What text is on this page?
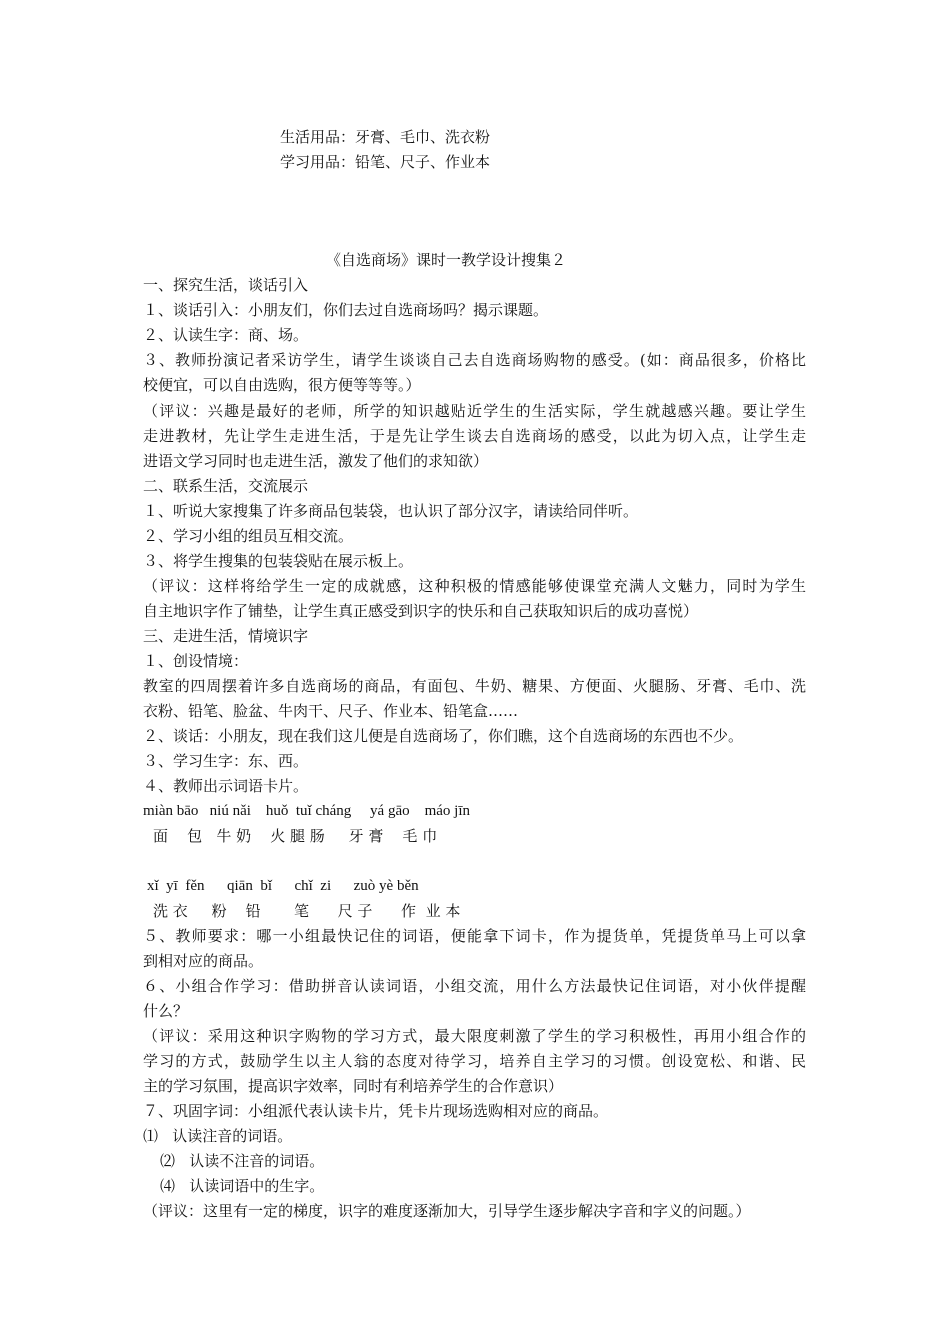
生活用品：牙膏、毛巾、洗衣粉
学习用品：铅笔、尺子、作业本
《自选商场》课时一教学设计搜集２
一、探究生活，谈话引入
１、谈话引入：小朋友们，你们去过自选商场吗？揭示课题。
２、认读生字：商、场。
３、教师扮演记者采访学生，请学生谈谈自己去自选商场购物的感受。(如：商品很多，价格比
校便宜，可以自由选购，很方便等等等。）
（评议：兴趣是最好的老师，所学的知识越贴近学生的生活实际，学生就越感兴趣。要让学生
走进教材，先让学生走进生活，于是先让学生谈去自选商场的感受，以此为切入点，让学生走
进语文学习同时也走进生活，激发了他们的求知欲）
二、联系生活，交流展示
１、听说大家搜集了许多商品包装袋，也认识了部分汉字，请读给同伴听。
２、学习小组的组员互相交流。
３、将学生搜集的包装袋贴在展示板上。
（评议：这样将给学生一定的成就感，这种积极的情感能够使课堂充满人文魅力，同时为学生
自主地识字作了铺垫，让学生真正感受到识字的快乐和自己获取知识后的成功喜悦）
三、走进生活，情境识字
１、创设情境：
教室的四周摆着许多自选商场的商品，有面包、牛奶、糖果、方便面、火腿肠、牙膏、毛巾、洗
衣粉、铅笔、脸盆、牛肉干、尺子、作业本、铅笔盒……
２、谈话：小朋友，现在我们这儿便是自选商场了，你们瞧，这个自选商场的东西也不少。
３、学习生字：东、西。
４、教师出示词语卡片。
miàn bāo   niú nǎi    huǒ  tuǐ cháng     yá gāo    máo jīn
面    包   牛 奶    火 腿 肠     牙 膏    毛 巾
xǐ  yī  fěn      qiān  bǐ      chǐ  zi      zuò yè běn
洗 衣     粉    铅       笔      尺 子      作  业 本
５、教师要求：哪一小组最快记住的词语，便能拿下词卡，作为提货单，凭提货单马上可以拿
到相对应的商品。
６、小组合作学习：借助拼音认读词语，小组交流，用什么方法最快记住词语，对小伙伴提醒
什么？
（评议：采用这种识字购物的学习方式，最大限度刺激了学生的学习积极性，再用小组合作的
学习的方式，鼓励学生以主人翁的态度对待学习，培养自主学习的习惯。创设宽松、和谐、民
主的学习氛围，提高识字效率，同时有利培养学生的合作意识）
７、巩固字词：小组派代表认读卡片，凭卡片现场选购相对应的商品。
⑴   认读注音的词语。
⑵   认读不注音的词语。
⑷   认读词语中的生字。
（评议：这里有一定的梯度，识字的难度逐渐加大，引导学生逐步解决字音和字义的问题。）
